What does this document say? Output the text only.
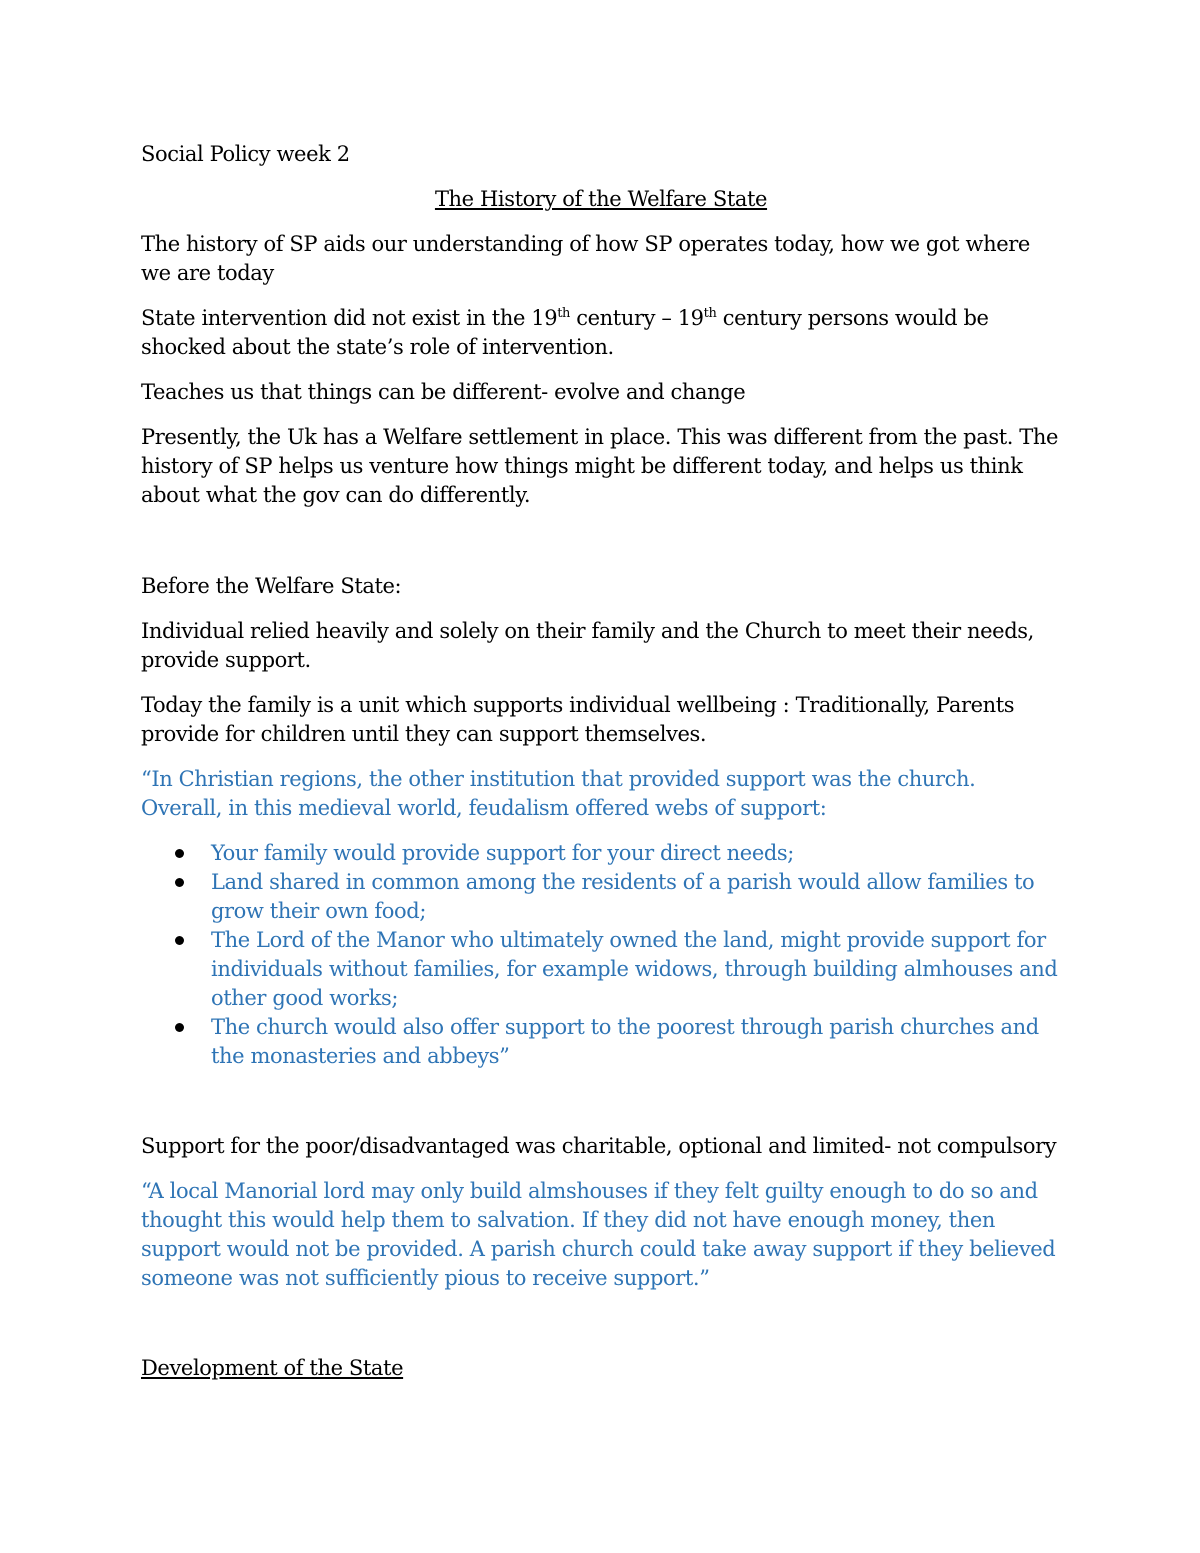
Social Policy week 2

The History of the Welfare State

The history of SP aids our understanding of how SP operates today, how we got where we are today

State intervention did not exist in the 19th century – 19th century persons would be shocked about the state’s role of intervention.

Teaches us that things can be different- evolve and change

Presently, the Uk has a Welfare settlement in place. This was different from the past. The history of SP helps us venture how things might be different today, and helps us think about what the gov can do differently.

Before the Welfare State:

Individual relied heavily and solely on their family and the Church to meet their needs, provide support.

Today the family is a unit which supports individual wellbeing : Traditionally, Parents provide for children until they can support themselves.

“In Christian regions, the other institution that provided support was the church. Overall, in this medieval world, feudalism offered webs of support:

Your family would provide support for your direct needs;
Land shared in common among the residents of a parish would allow families to grow their own food;
The Lord of the Manor who ultimately owned the land, might provide support for individuals without families, for example widows, through building almhouses and other good works;
The church would also offer support to the poorest through parish churches and the monasteries and abbeys”

Support for the poor/disadvantaged was charitable, optional and limited- not compulsory

“A local Manorial lord may only build almshouses if they felt guilty enough to do so and thought this would help them to salvation. If they did not have enough money, then support would not be provided. A parish church could take away support if they believed someone was not sufficiently pious to receive support.”

Development of the State
